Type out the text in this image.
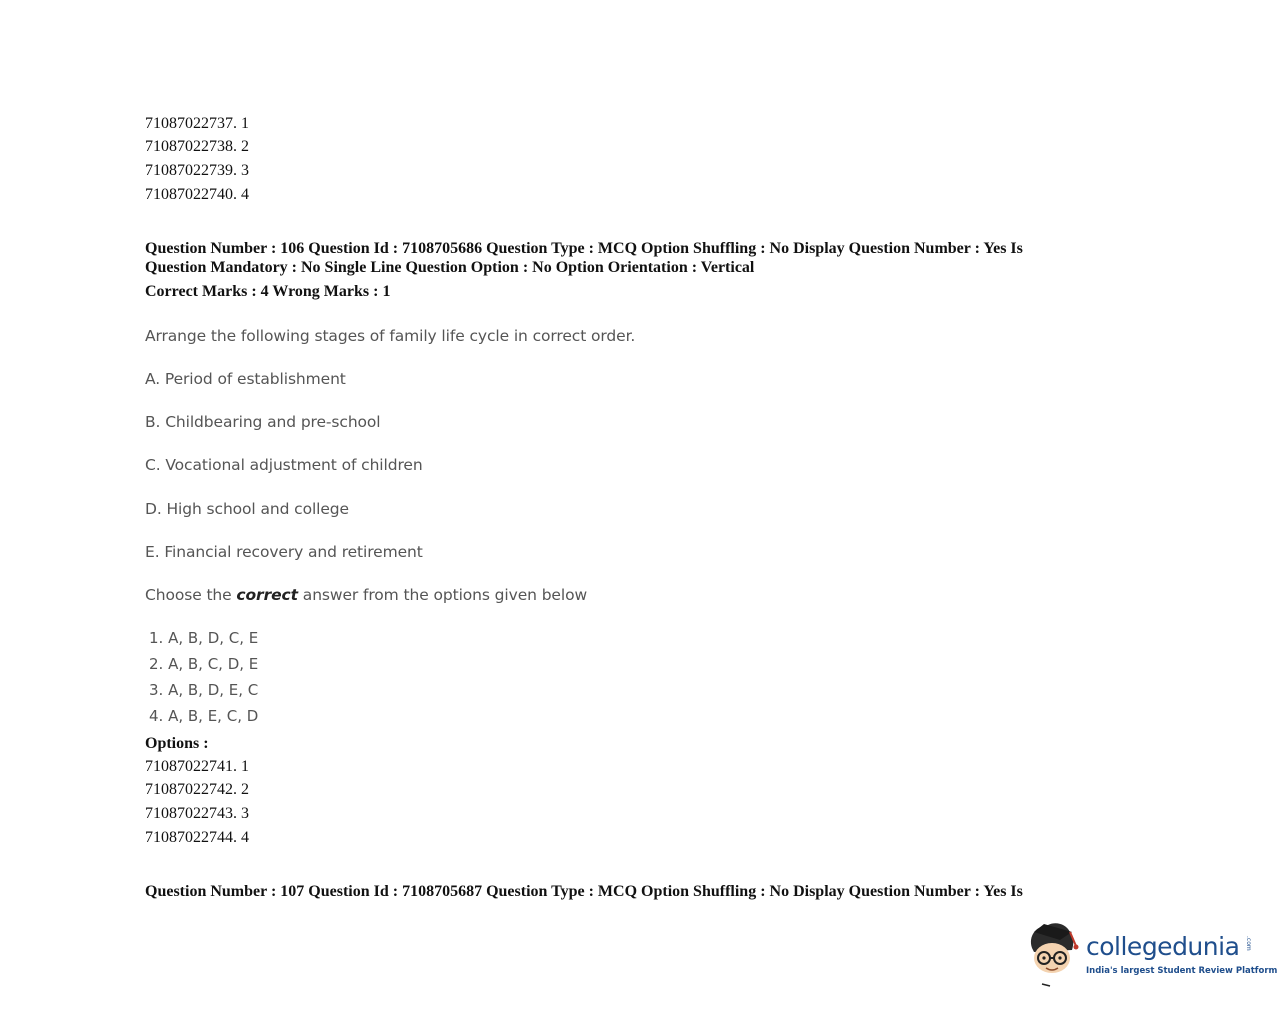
71087022737. 1
71087022738. 2
71087022739. 3
71087022740. 4
Question Number : 106 Question Id : 7108705686 Question Type : MCQ Option Shuffling : No Display Question Number : Yes Is
Question Mandatory : No Single Line Question Option : No Option Orientation : Vertical
Correct Marks : 4 Wrong Marks : 1
Arrange the following stages of family life cycle in correct order.
A. Period of establishment
B. Childbearing and pre-school
C. Vocational adjustment of children
D. High school and college
E. Financial recovery and retirement
Choose the correct answer from the options given below
1. A, B, D, C, E
2. A, B, C, D, E
3. A, B, D, E, C
4. A, B, E, C, D
Options :
71087022741. 1
71087022742. 2
71087022743. 3
71087022744. 4
Question Number : 107 Question Id : 7108705687 Question Type : MCQ Option Shuffling : No Display Question Number : Yes Is
collegedunia .com
India's largest Student Review Platform
